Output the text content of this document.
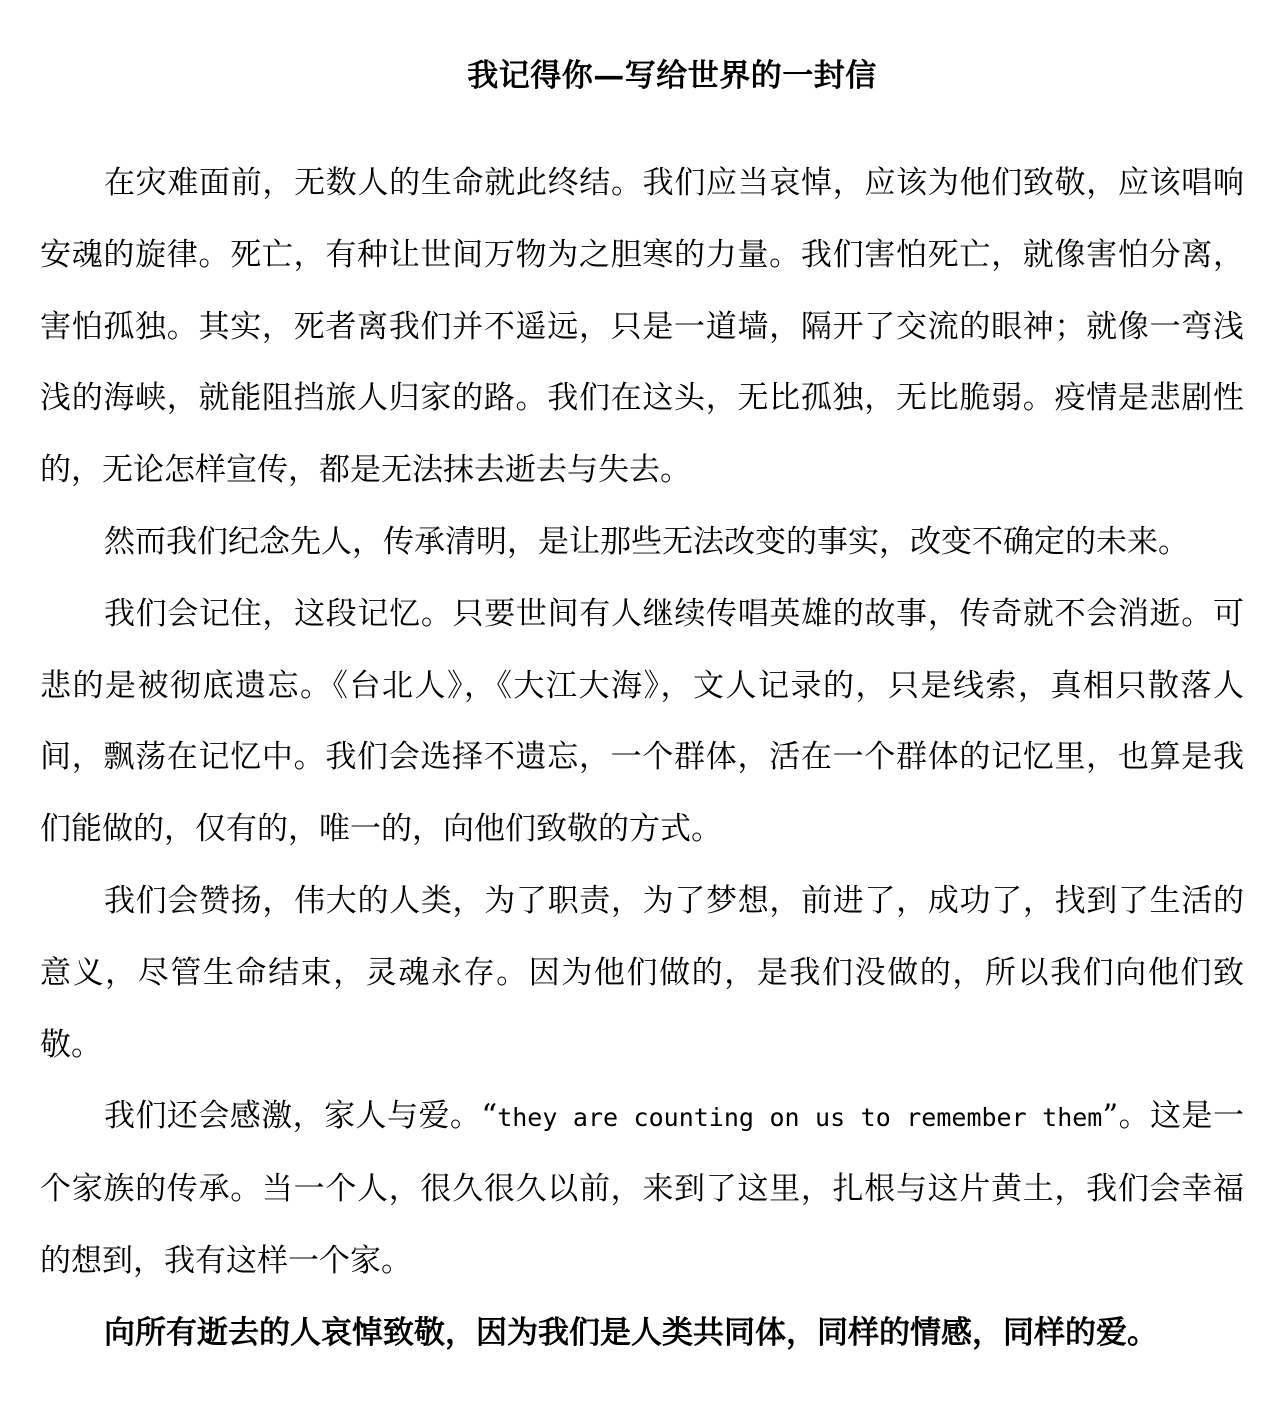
我记得你—写给世界的一封信

在灾难面前，无数人的生命就此终结。我们应当哀悼，应该为他们致敬，应该唱响安魂的旋律。死亡，有种让世间万物为之胆寒的力量。我们害怕死亡，就像害怕分离，害怕孤独。其实，死者离我们并不遥远，只是一道墙，隔开了交流的眼神；就像一弯浅浅的海峡，就能阻挡旅人归家的路。我们在这头，无比孤独，无比脆弱。疫情是悲剧性的，无论怎样宣传，都是无法抹去逝去与失去。

然而我们纪念先人，传承清明，是让那些无法改变的事实，改变不确定的未来。

我们会记住，这段记忆。只要世间有人继续传唱英雄的故事，传奇就不会消逝。可悲的是被彻底遗忘。《台北人》，《大江大海》，文人记录的，只是线索，真相只散落人间，飘荡在记忆中。我们会选择不遗忘，一个群体，活在一个群体的记忆里，也算是我们能做的，仅有的，唯一的，向他们致敬的方式。

我们会赞扬，伟大的人类，为了职责，为了梦想，前进了，成功了，找到了生活的意义，尽管生命结束，灵魂永存。因为他们做的，是我们没做的，所以我们向他们致敬。

我们还会感激，家人与爱。“they are counting on us to remember them”。这是一个家族的传承。当一个人，很久很久以前，来到了这里，扎根与这片黄土，我们会幸福的想到，我有这样一个家。

向所有逝去的人哀悼致敬，因为我们是人类共同体，同样的情感，同样的爱。
